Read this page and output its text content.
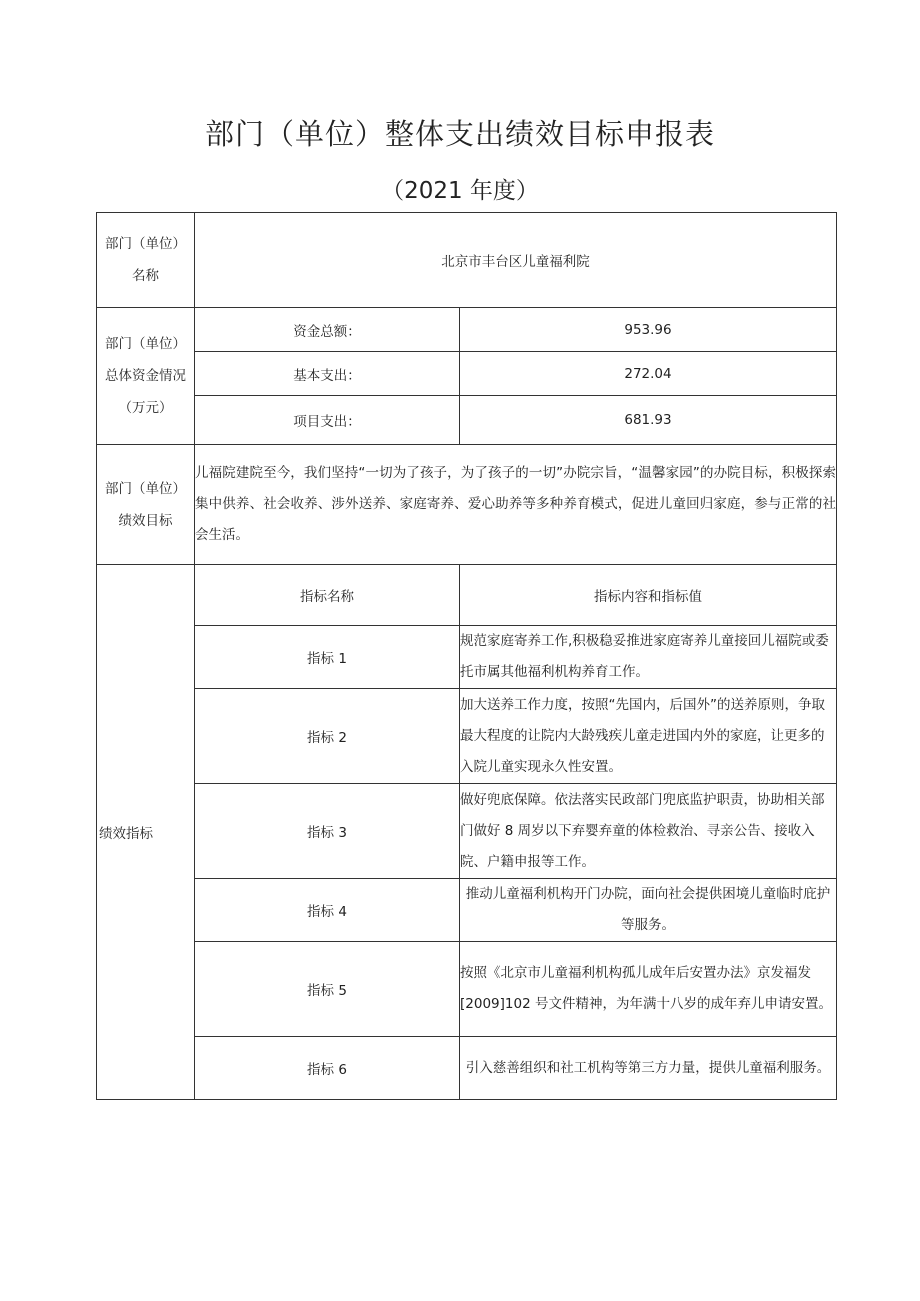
部门（单位）整体支出绩效目标申报表
（2021 年度）
部门（单位）
名称	北京市丰台区儿童福利院	

部门（单位）
总体资金情况
（万元）	资金总额：	953.96
	基本支出：	272.04
	项目支出：	681.93

部门（单位）
绩效目标	儿福院建院至今，我们坚持“一切为了孩子，为了孩子的一切”办院宗旨，“温馨家园”的办院目标，积极探索集中供养、社会收养、涉外送养、家庭寄养、爱心助养等多种养育模式，促进儿童回归家庭，参与正常的社会生活。	
绩效指标	指标名称	指标内容和指标值
	指标 1	规范家庭寄养工作,积极稳妥推进家庭寄养儿童接回儿福院或委托市属其他福利机构养育工作。
	指标 2	加大送养工作力度，按照“先国内，后国外”的送养原则，争取最大程度的让院内大龄残疾儿童走进国内外的家庭，让更多的入院儿童实现永久性安置。
	指标 3	做好兜底保障。依法落实民政部门兜底监护职责，协助相关部门做好 8 周岁以下弃婴弃童的体检救治、寻亲公告、接收入院、户籍申报等工作。
	指标 4	推动儿童福利机构开门办院，面向社会提供困境儿童临时庇护等服务。
	指标 5	按照《北京市儿童福利机构孤儿成年后安置办法》京发福发[2009]102 号文件精神，为年满十八岁的成年弃儿申请安置。
	指标 6	引入慈善组织和社工机构等第三方力量，提供儿童福利服务。
